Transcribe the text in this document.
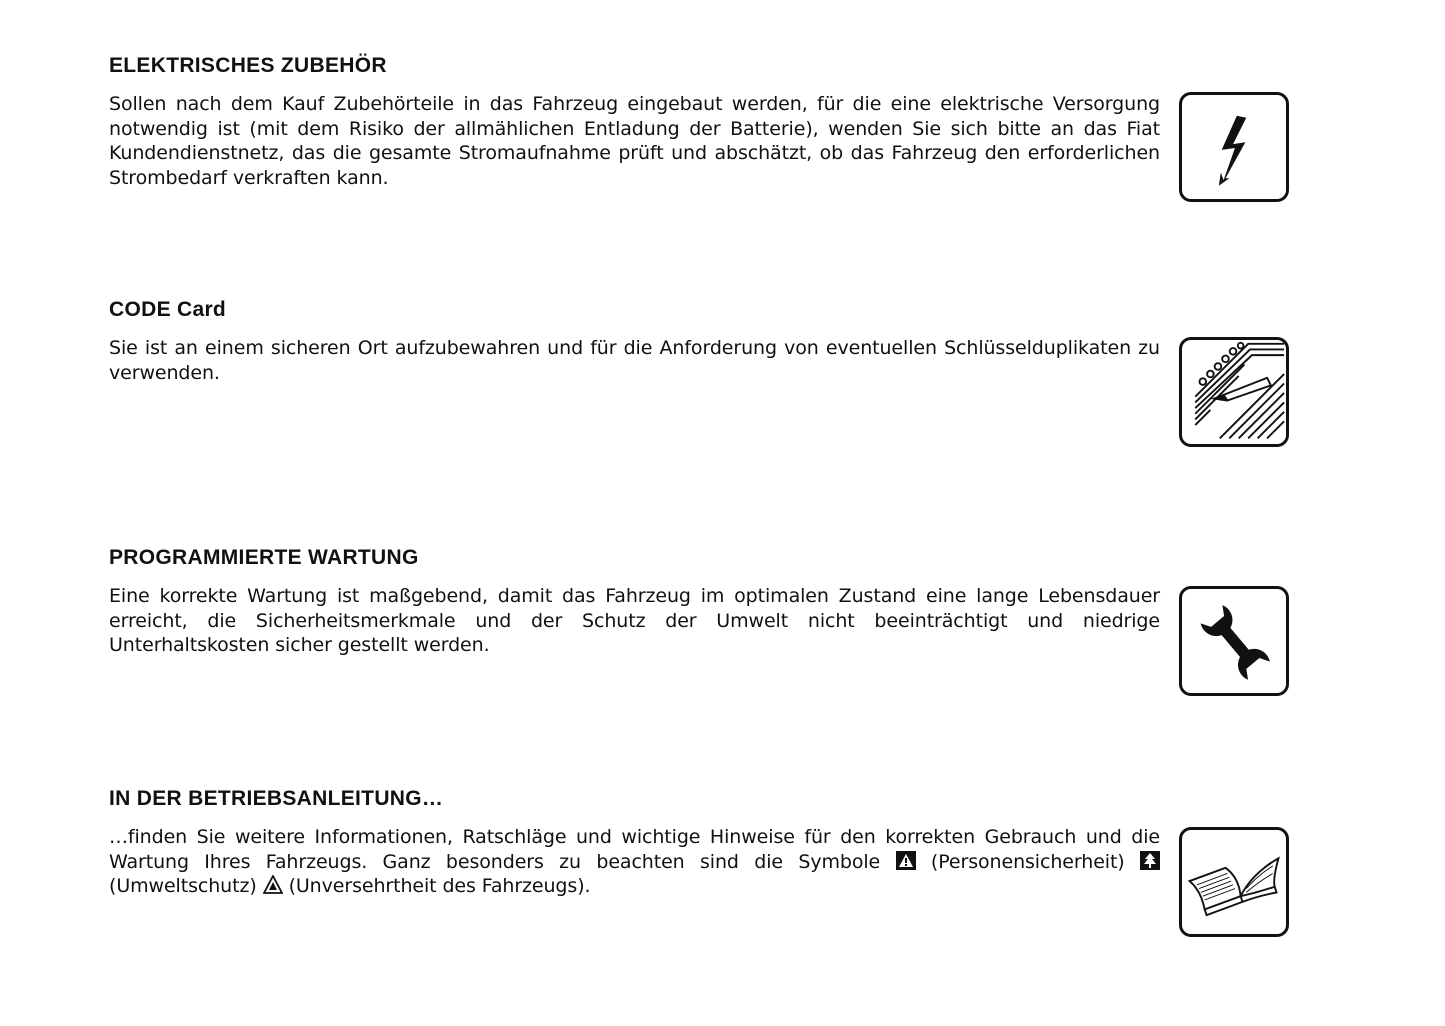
ELEKTRISCHES ZUBEHÖR

Sollen nach dem Kauf Zubehörteile in das Fahrzeug eingebaut werden, für die eine elektrische Versorgung notwendig ist (mit dem Risiko der allmählichen Entladung der Batterie), wenden Sie sich bitte an das Fiat Kundendienstnetz, das die gesamte Stromaufnahme prüft und abschätzt, ob das Fahrzeug den erforderlichen Strombedarf verkraften kann.

CODE Card

Sie ist an einem sicheren Ort aufzubewahren und für die Anforderung von eventuellen Schlüsselduplikaten zu verwenden.

PROGRAMMIERTE WARTUNG

Eine korrekte Wartung ist maßgebend, damit das Fahrzeug im optimalen Zustand eine lange Lebensdauer erreicht, die Sicherheitsmerkmale und der Schutz der Umwelt nicht beeinträchtigt und niedrige Unterhaltskosten sicher gestellt werden.

IN DER BETRIEBSANLEITUNG…

…finden Sie weitere Informationen, Ratschläge und wichtige Hinweise für den korrekten Gebrauch und die Wartung Ihres Fahrzeugs. Ganz besonders zu beachten sind die Symbole	(Personensicherheit)  (Umweltschutz) (Unversehrtheit des Fahrzeugs).
